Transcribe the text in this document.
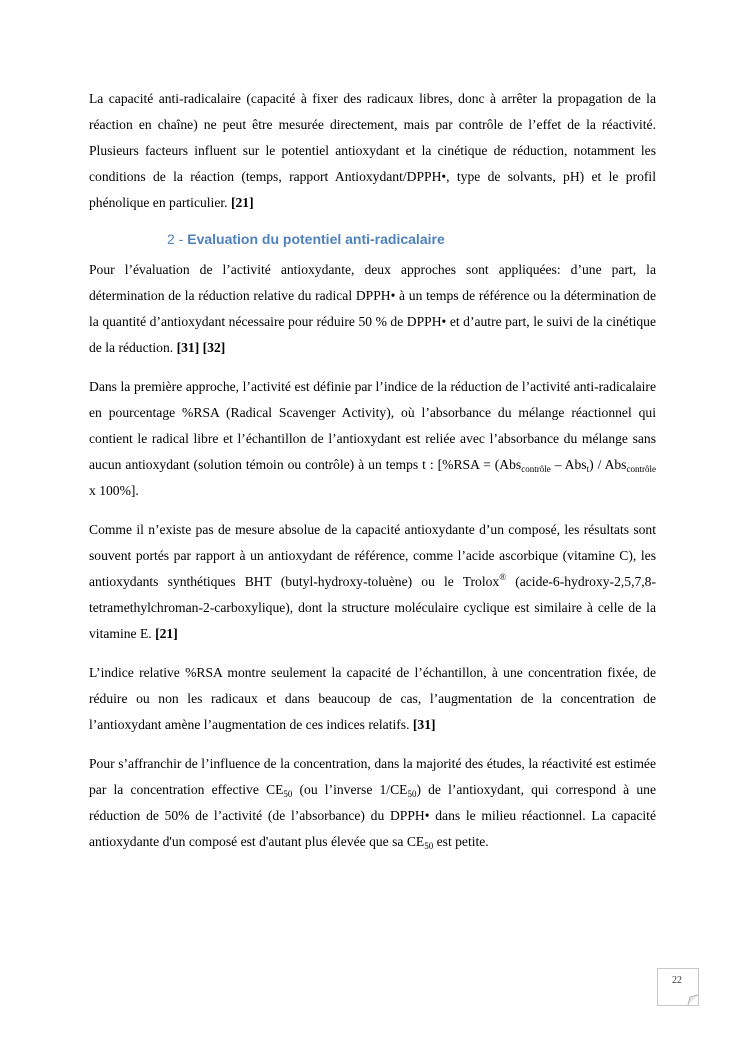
La capacité anti-radicalaire (capacité à fixer des radicaux libres, donc à arrêter la propagation de la réaction en chaîne) ne peut être mesurée directement, mais par contrôle de l’effet de la réactivité. Plusieurs facteurs influent sur le potentiel antioxydant et la cinétique de réduction, notamment les conditions de la réaction (temps, rapport Antioxydant/DPPH•, type de solvants, pH) et le profil phénolique en particulier. [21]

2 - Evaluation du potentiel anti-radicalaire

Pour l’évaluation de l’activité antioxydante, deux approches sont appliquées: d’une part, la détermination de la réduction relative du radical DPPH• à un temps de référence ou la détermination de la quantité d’antioxydant nécessaire pour réduire 50 % de DPPH• et d’autre part, le suivi de la cinétique de la réduction. [31] [32]

Dans la première approche, l’activité est définie par l’indice de la réduction de l’activité anti-radicalaire en pourcentage %RSA (Radical Scavenger Activity), où l’absorbance du mélange réactionnel qui contient le radical libre et l’échantillon de l’antioxydant est reliée avec l’absorbance du mélange sans aucun antioxydant (solution témoin ou contrôle) à un temps t : [%RSA = (Abs$_{contrôle}$ – Abs$_t$) / Abs$_{contrôle}$ x 100%].

Comme il n’existe pas de mesure absolue de la capacité antioxydante d’un composé, les résultats sont souvent portés par rapport à un antioxydant de référence, comme l’acide ascorbique (vitamine C), les antioxydants synthétiques BHT (butyl-hydroxy-toluène) ou le Trolox® (acide-6-hydroxy-2,5,7,8-tetramethylchroman-2-carboxylique), dont la structure moléculaire cyclique est similaire à celle de la vitamine E. [21]

L’indice relative %RSA montre seulement la capacité de l’échantillon, à une concentration fixée, de réduire ou non les radicaux et dans beaucoup de cas, l’augmentation de la concentration de l’antioxydant amène l’augmentation de ces indices relatifs. [31]

Pour s’affranchir de l’influence de la concentration, dans la majorité des études, la réactivité est estimée par la concentration effective $CE_{50}$ (ou l’inverse $1/CE_{50}$) de l’antioxydant, qui correspond à une réduction de 50% de l’activité (de l’absorbance) du DPPH• dans le milieu réactionnel. La capacité antioxydante d'un composé est d'autant plus élevée que sa $CE_{50}$ est petite.

22
